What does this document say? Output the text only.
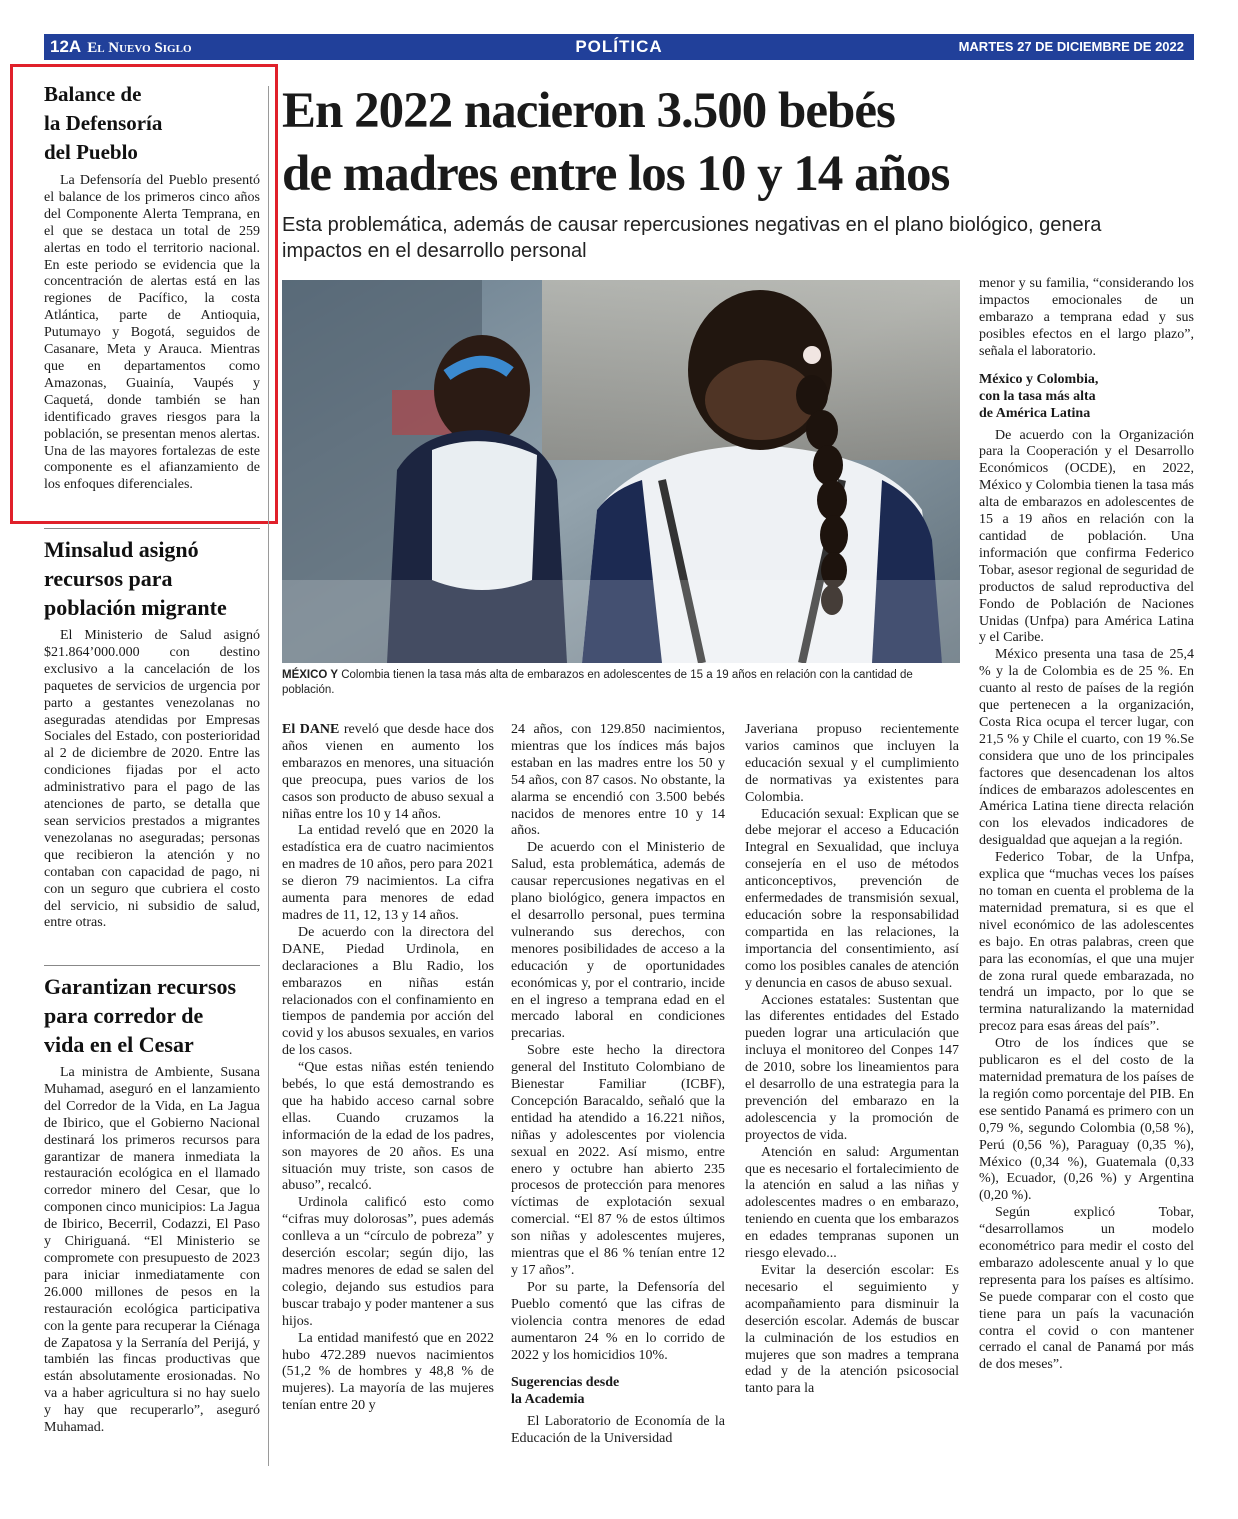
12A El Nuevo Siglo	POLÍTICA	MARTES 27 DE DICIEMBRE DE 2022
Balance de
la Defensoría
del Pueblo

La Defensoría del Pueblo presentó el balance de los primeros cinco años del Componente Alerta Temprana, en el que se destaca un total de 259 alertas en todo el territorio nacional. En este periodo se evidencia que la concentración de alertas está en las regiones de Pacífico, la costa Atlántica, parte de Antioquia, Putumayo y Bogotá, seguidos de Casanare, Meta y Arauca. Mientras que en departamentos como Amazonas, Guainía, Vaupés y Caquetá, donde también se han identificado graves riesgos para la población, se presentan menos alertas. Una de las mayores fortalezas de este componente es el afianzamiento de los enfoques diferenciales.

Minsalud asignó
recursos para
población migrante

El Ministerio de Salud asignó $21.864’000.000 con destino exclusivo a la cancelación de los paquetes de servicios de urgencia por parto a gestantes venezolanas no aseguradas atendidas por Empresas Sociales del Estado, con posterioridad al 2 de diciembre de 2020. Entre las condiciones fijadas por el acto administrativo para el pago de las atenciones de parto, se detalla que sean servicios prestados a migrantes venezolanas no aseguradas; personas que recibieron la atención y no contaban con capacidad de pago, ni con un seguro que cubriera el costo del servicio, ni subsidio de salud, entre otras.

Garantizan recursos
para corredor de
vida en el Cesar

La ministra de Ambiente, Susana Muhamad, aseguró en el lanzamiento del Corredor de la Vida, en La Jagua de Ibirico, que el Gobierno Nacional destinará los primeros recursos para garantizar de manera inmediata la restauración ecológica en el llamado corredor minero del Cesar, que lo componen cinco municipios: La Jagua de Ibirico, Becerril, Codazzi, El Paso y Chiriguaná. “El Ministerio se compromete con presupuesto de 2023 para iniciar inmediatamente con 26.000 millones de pesos en la restauración ecológica participativa con la gente para recuperar la Ciénaga de Zapatosa y la Serranía del Perijá, y también las fincas productivas que están absolutamente erosionadas. No va a haber agricultura si no hay suelo y hay que recuperarlo”, aseguró Muhamad.

En 2022 nacieron 3.500 bebés
de madres entre los 10 y 14 años

Esta problemática, además de causar repercusiones negativas en el plano biológico, genera impactos en el desarrollo personal

MÉXICO Y Colombia tienen la tasa más alta de embarazos en adolescentes de 15 a 19 años en relación con la cantidad de población.

El DANE reveló que desde hace dos años vienen en aumento los embarazos en menores, una situación que preocupa, pues varios de los casos son producto de abuso sexual a niñas entre los 10 y 14 años.

La entidad reveló que en 2020 la estadística era de cuatro nacimientos en madres de 10 años, pero para 2021 se dieron 79 nacimientos. La cifra aumenta para menores de edad madres de 11, 12, 13 y 14 años.

De acuerdo con la directora del DANE, Piedad Urdinola, en declaraciones a Blu Radio, los embarazos en niñas están relacionados con el confinamiento en tiempos de pandemia por acción del covid y los abusos sexuales, en varios de los casos.

“Que estas niñas estén teniendo bebés, lo que está demostrando es que ha habido acceso carnal sobre ellas. Cuando cruzamos la información de la edad de los padres, son mayores de 20 años. Es una situación muy triste, son casos de abuso”, recalcó.

Urdinola calificó esto como “cifras muy dolorosas”, pues además conlleva a un “círculo de pobreza” y deserción escolar; según dijo, las madres menores de edad se salen del colegio, dejando sus estudios para buscar trabajo y poder mantener a sus hijos.

La entidad manifestó que en 2022 hubo 472.289 nuevos nacimientos (51,2 % de hombres y 48,8 % de mujeres). La mayoría de las mujeres tenían entre 20 y

24 años, con 129.850 nacimientos, mientras que los índices más bajos estaban en las madres entre los 50 y 54 años, con 87 casos. No obstante, la alarma se encendió con 3.500 bebés nacidos de menores entre 10 y 14 años.

De acuerdo con el Ministerio de Salud, esta problemática, además de causar repercusiones negativas en el plano biológico, genera impactos en el desarrollo personal, pues termina vulnerando sus derechos, con menores posibilidades de acceso a la educación y de oportunidades económicas y, por el contrario, incide en el ingreso a temprana edad en el mercado laboral en condiciones precarias.

Sobre este hecho la directora general del Instituto Colombiano de Bienestar Familiar (ICBF), Concepción Baracaldo, señaló que la entidad ha atendido a 16.221 niños, niñas y adolescentes por violencia sexual en 2022. Así mismo, entre enero y octubre han abierto 235 procesos de protección para menores víctimas de explotación sexual comercial. “El 87 % de estos últimos son niñas y adolescentes mujeres, mientras que el 86 % tenían entre 12 y 17 años”.

Por su parte, la Defensoría del Pueblo comentó que las cifras de violencia contra menores de edad aumentaron 24 % en lo corrido de 2022 y los homicidios 10%.

Sugerencias desde
la Academia

El Laboratorio de Economía de la Educación de la Universidad

Javeriana propuso recientemente varios caminos que incluyen la educación sexual y el cumplimiento de normativas ya existentes para Colombia.

Educación sexual: Explican que se debe mejorar el acceso a Educación Integral en Sexualidad, que incluya consejería en el uso de métodos anticonceptivos, prevención de enfermedades de transmisión sexual, educación sobre la responsabilidad compartida en las relaciones, la importancia del consentimiento, así como los posibles canales de atención y denuncia en casos de abuso sexual.

Acciones estatales: Sustentan que las diferentes entidades del Estado pueden lograr una articulación que incluya el monitoreo del Conpes 147 de 2010, sobre los lineamientos para el desarrollo de una estrategia para la prevención del embarazo en la adolescencia y la promoción de proyectos de vida.

Atención en salud: Argumentan que es necesario el fortalecimiento de la atención en salud a las niñas y adolescentes madres o en embarazo, teniendo en cuenta que los embarazos en edades tempranas suponen un riesgo elevado...

Evitar la deserción escolar: Es necesario el seguimiento y acompañamiento para disminuir la deserción escolar. Además de buscar la culminación de los estudios en mujeres que son madres a temprana edad y de la atención psicosocial tanto para la

menor y su familia, “considerando los impactos emocionales de un embarazo a temprana edad y sus posibles efectos en el largo plazo”, señala el laboratorio.

México y Colombia,
con la tasa más alta
de América Latina

De acuerdo con la Organización para la Cooperación y el Desarrollo Económicos (OCDE), en 2022, México y Colombia tienen la tasa más alta de embarazos en adolescentes de 15 a 19 años en relación con la cantidad de población. Una información que confirma Federico Tobar, asesor regional de seguridad de productos de salud reproductiva del Fondo de Población de Naciones Unidas (Unfpa) para América Latina y el Caribe.

México presenta una tasa de 25,4 % y la de Colombia es de 25 %. En cuanto al resto de países de la región que pertenecen a la organización, Costa Rica ocupa el tercer lugar, con 21,5 % y Chile el cuarto, con 19 %.Se considera que uno de los principales factores que desencadenan los altos índices de embarazos adolescentes en América Latina tiene directa relación con los elevados indicadores de desigualdad que aquejan a la región.

Federico Tobar, de la Unfpa, explica que “muchas veces los países no toman en cuenta el problema de la maternidad prematura, si es que el nivel económico de las adolescentes es bajo. En otras palabras, creen que para las economías, el que una mujer de zona rural quede embarazada, no tendrá un impacto, por lo que se termina naturalizando la maternidad precoz para esas áreas del país”.

Otro de los índices que se publicaron es el del costo de la maternidad prematura de los países de la región como porcentaje del PIB. En ese sentido Panamá es primero con un 0,79 %, segundo Colombia (0,58 %), Perú (0,56 %), Paraguay (0,35 %), México (0,34 %), Guatemala (0,33 %), Ecuador, (0,26 %) y Argentina (0,20 %).

Según explicó Tobar, “desarrollamos un modelo econométrico para medir el costo del embarazo adolescente anual y lo que representa para los países es altísimo. Se puede comparar con el costo que tiene para un país la vacunación contra el covid o con mantener cerrado el canal de Panamá por más de dos meses”.
